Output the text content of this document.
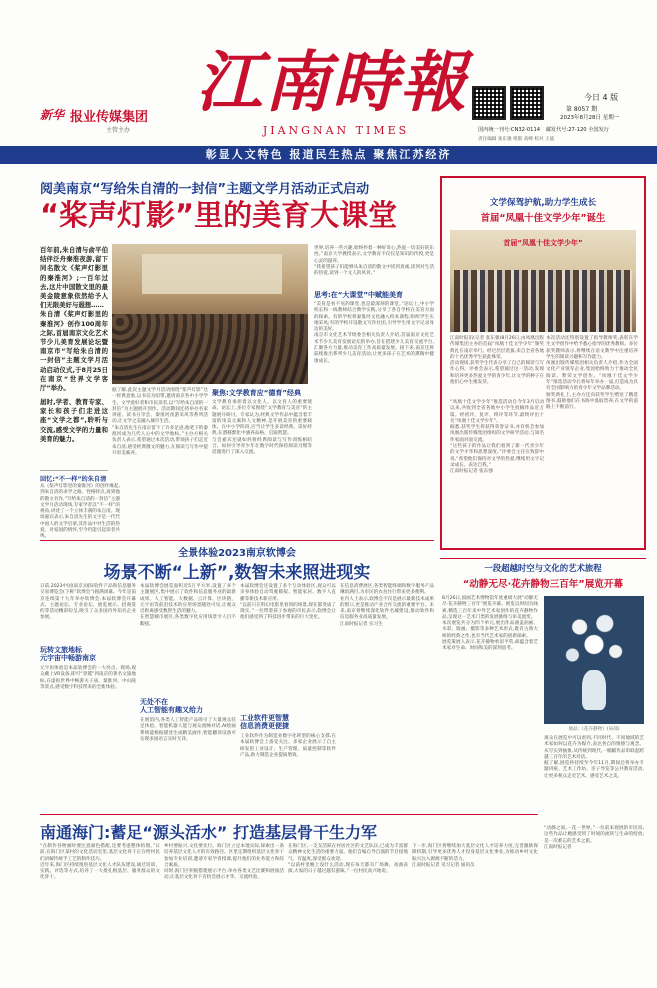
新华 报业传媒集团
主管主办
江南時報
JIANGNAN TIMES
今日 4 版
第 8057 期
2023年8月28日 星期一
国内统一刊号:CN32-0114 邮发代号:27-120 全国发行
责任编辑 张东强 组版 高峰 校对 王波
彰显人文特色 报道民生热点 聚焦江苏经济
阅美南京“写给朱自清的一封信”主题文学月活动正式启动
“桨声灯影”里的美育大课堂
百年前,朱自清与俞平伯结伴泛舟秦淮夜游,留下同名散文《桨声灯影里的秦淮河》;一百年过去,这片中国散文里的最美金陵意象依然给予人们无限美好与遐想……
朱自清《桨声灯影里的秦淮河》创作100周年之际,首届南京文化艺术节少儿美育发展论坛暨南京市“写给朱自清的一封信”主题文学月活动启动仪式,于8月25日在南京“世界文学客厅”举办。
届时,学者、教育专家、家长和孩子们走进这座“文学之都”,聆听与交流,感受文学的力量和美育的魅力。
回忆:“不一样”的朱自清
从《桨声灯影里的秦淮河》的创作缘起,到朱自清的求学之路、性格特点,再到他的散文名作,“写给朱自清的一封信”主题文学月活动现场,专家学者以“不一样”的视角,讲述了一个立体丰满的朱自清。现场嘉宾表示,朱自清先生的文字是一代代中国人的文学启蒙,其作品中对生活的热爱、对家国的情怀,至今仍能引起读者共鸣。
据了解,此次主题文学月活动围绕“桨声灯影”这一经典意象,以书信为纽带,邀请南京各中小学学生、文学爱好者和市民读者,以“写给朱自清的一封信”为主题展开创作。活动期间还将举办名家讲座、读书分享会、秦淮河夜游采风等系列活动,让文学之美融入城市生活。
“朱自清先生在南京留下了许多足迹,他笔下的秦淮河成为几代人心中的文学地标。”主办方相关负责人表示,希望通过本次活动,带领孩子们走近朱自清,感受经典散文的魅力,在阅读与写作中提升审美素养。
聚焦:文学教育应“德育”经典
文学教育承担着以文化人、以文育人的重要使命。论坛上,多位专家围绕“文学教育与美育”的主题展开研讨。专家认为,经典文学作品中蕴含着丰富的审美元素和人文精神,是开展美育的重要载体。在中小学阶段,应当让学生多读经典、读好经典,在潜移默化中涵养品格、启迪智慧。
与会嘉宾还就如何将经典阅读与写作训练相结合、如何引导青少年在数字时代保持阅读习惯等话题进行了深入交流。
世界,培养一些兴趣,始终怀着一种好奇心,热爱一切美好的东西。”南京大学教授表示,文学教育不仅仅是知识的传授,更是心灵的滋养。
“我希望孩子们能够从朱自清的散文中读到真诚,读到对生活的热爱,读到一个文人的风骨。”
思考:在“大课堂”中赋能美育
“美育是看不见的课堂,也是最深刻的课堂。”论坛上,中小学校长和一线教师结合教学实践,分享了各自学校在美育方面的探索。有的学校将秦淮河文化融入校本课程,组织学生实地采风;有的学校开设散文写作社团,引导学生用文字记录身边的美好。
南京市文化艺术节组委会相关负责人介绍,首届南京文化艺术节少儿美育发展论坛的举办,旨在搭建少儿美育交流平台,汇聚各方力量,推动美育工作高质量发展。接下来,南京还将陆续推出系列少儿美育活动,让更多孩子在艺术的熏陶中健康成长。
文学保驾护航,助力学生成长
首届“凤凰十佳文学少年”诞生
首届“凤凰十佳文学少年”
江南时报讯(记者 张东强)8月26日,由凤凰出版传媒集团主办的首届“凤凰十佳文学少年”颁奖典礼在南京举行。经过层层选拔,来自全省各地的十名优秀学生获此殊荣。
活动现场,获奖学生代表分享了自己的阅读与写作心得。评委会表示,希望通过这一活动,发现和培养更多热爱文学的青少年,让文学的种子在他们心中生根发芽。
“凤凰十佳文学少年”推选活动自今年3月启动以来,共收到全省各地中小学生投稿作品近万篇。经初评、复评、终评等环节,最终评出十名“凤凰十佳文学少年”。
据悉,获奖学生将获得荣誉证书,并有机会参加凤凰出版传媒集团组织的文学研学活动,与知名作家面对面交流。
“这些孩子的作品让我们看到了新一代青少年的文学才华和思想深度。”评委会主任在致辞中说,“希望他们保持对文学的热爱,继续用文字记录成长、表达自我。”
江南时报记者 张东强
本次活动还特别设置了指导教师奖,表彰在学生文学创作中给予悉心指导的优秀教师。多位获奖教师表示,将继续在语文教学中注重培养学生的阅读兴趣和写作能力。
凤凰出版传媒集团相关负责人介绍,作为全国文化产业领军企业,集团始终致力于推动全民阅读、繁荣文学创作。“凤凰十佳文学少年”推选活动今后将每年举办一届,打造成为具有全国影响力的青少年文学品牌活动。
颁奖典礼上,主办方还向获奖学生赠送了精选图书,鼓励他们在书海中汲取营养,在文学的道路上不断前行。
全景体验2023南京软博会
场景不断“上新”,数智未来照进现实
日前,2023中国(南京)国际软件产品和信息服务交易博览会(下称“软博会”)圆满闭幕。今年是南京连续第十九年举办软博会,本届软博会开幕式、主题论坛、专业论坛、展览展示、招商签约等活动精彩纷呈,吸引了众多国内外知名企业参展。
玩转文旅地标
元宇宙中畅游南京
元宇宙体验是本届软博会的一大亮点。现场,观众戴上VR设备,即可“穿越”到南京的著名文旅地标,在虚拟世界中畅游夫子庙、秦淮河、中山陵等景点,感受数字科技带来的全新体验。
本届软博会展览面积近5万平方米,设置了多个主题展区,集中展示了软件和信息服务业的最新成果。人工智能、大数据、云计算、区块链、元宇宙等前沿技术的应用场景随处可见,让观众近距离感受数智生活的魅力。
在智慧城市展区,各类数字化应用场景令人目不暇接。
无处不在
人工智能有趣又给力
在展馆内,各类人工智能产品吸引了大量观众驻足体验。智能机器人能与观众流畅对话,AI绘画系统能根据描述生成精美画作,智能翻译设备可实现多国语言实时互译。
本届软博会还设置了多个互动体验区,观众可以亲身体验自动驾驶模拟、智能家居、数字人直播等新技术新应用。
“以前只在科幻电影里看到的场景,现在都变成了现实。”一位带着孩子参观的市民表示,软博会让他们感受到了科技进步带来的巨大变化。
工业软件更智慧
信息消费更便捷
工业软件作为制造业数字化转型的核心支撑,在本届软博会上备受关注。多家企业展示了自主研发的工业设计、生产管理、质量控制等软件产品,助力制造企业提质增效。
在信息消费展区,各类智能终端和数字服务产品琳琅满目,为市民的衣食住行带来更多便利。
业内人士表示,软博会不仅是展示最新技术成果的窗口,更是推动产业合作交流的重要平台。未来,南京将继续深化软件名城建设,推动软件和信息服务业高质量发展。
江南时报记者 实习生
一段超越时空与文化的艺术旅程
“动静无尽·花卉静物三百年”展览开幕
8月26日,国画艺术博物馆年度重磅大展“动静无尽·花卉静物三百年”展览开幕。展览以时间为线索,精选三百年来中外艺术家创作的花卉静物作品,呈现这一艺术门类的发展脉络与审美流变。
本次展览共分为四个单元,展出作品涵盖油画、水彩、版画、摄影等多种艺术形式,既有古典大师的经典之作,也有当代艺术家的创新探索。
展览策展人表示,花卉静物看似平常,却蕴含着艺术家对生命、时间和美的深刻思考。
展品:《花卉静物》(局部)
观众在展览中可以看到,不同时代、不同地域的艺术家如何以花卉为媒介,表达各自的情感与观念。从写实到抽象,从传统到现代,一幅幅作品串联起跨越三百年的艺术对话。
据了解,展览将持续至今年11月,期间还将举办专题讲座、艺术工作坊、亲子导览等公共教育活动,让更多观众走近艺术、感受艺术之美。
“动静之间,一花一世界。”一位前来观展的市民说,这些作品让她感受到了时间的流转与生命的绽放,是一次难忘的艺术之旅。
江南时报记者
南通海门:蓄足“源头活水” 打造基层骨干生力军
“在制作谷物画时要注意颜色搭配,还要考虑整体构图。”日前,在海门区某村的文化活动室里,基层文化骨干正在给村民们讲解传统手工艺的制作技巧。
近年来,海门区持续推进基层文化人才队伍建设,通过培训、实践、评选等方式,培养了一大批扎根基层、服务群众的文化骨干。
乡村要振兴,文化要先行。海门区立足本地实际,探索出一条培养基层文化人才的有效路径。区里定期组织基层文化骨干参加专业培训,邀请专家学者授课,提升他们的业务能力和综合素质。
同时,海门区积极搭建展示平台,举办各类文艺比赛和展演活动,让基层文化骨干有机会展示才华、交流经验。
在海门区,一支支活跃在村居社区的文艺队伍,已成为丰富群众精神文化生活的重要力量。他们自编自导自演的节目接地气、有温度,深受群众欢迎。
“以前村里晚上没什么活动,现在每天都有广场舞、戏曲表演,大家的日子越过越有滋味。”一位村民高兴地说。
下一步,海门区将继续加大基层文化人才培养力度,完善激励保障机制,引导更多优秀人才投身基层文化事业,为推动乡村文化振兴注入源源不断的活力。
江南时报记者 见习记者 通讯员
